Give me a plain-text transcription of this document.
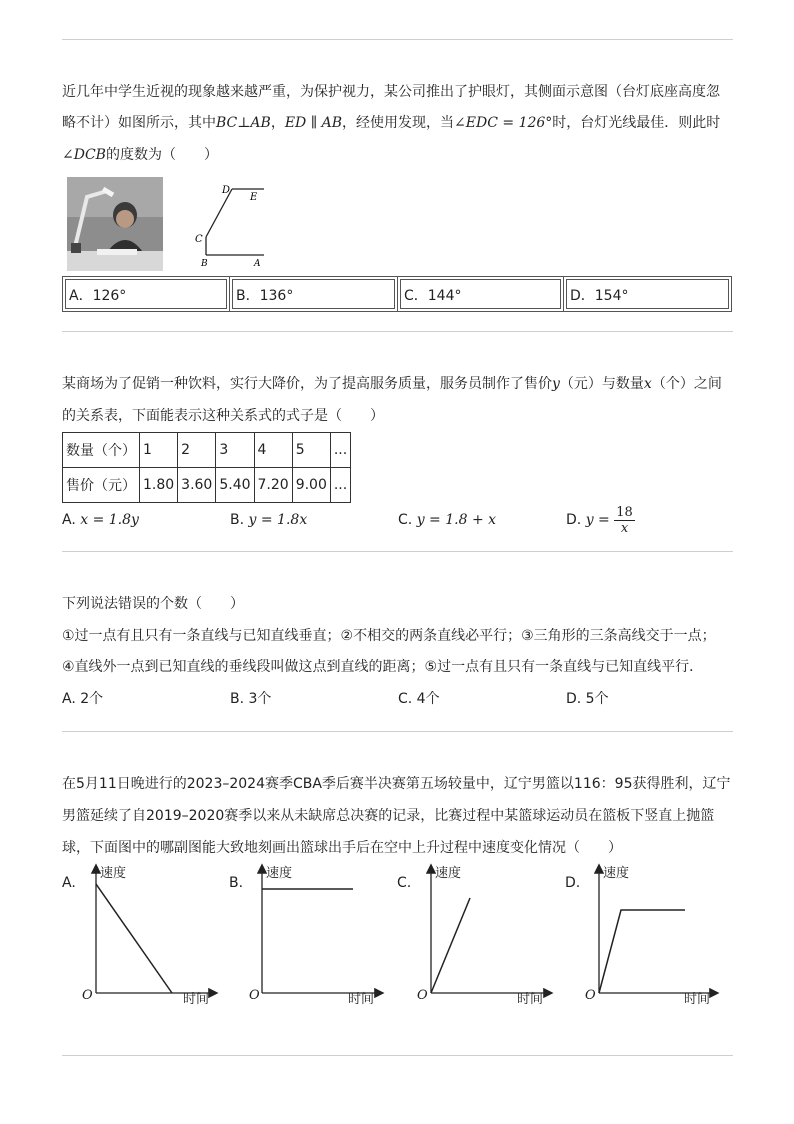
近几年中学生近视的现象越来越严重，为保护视力，某公司推出了护眼灯，其侧面示意图（台灯底座高度忽
略不计）如图所示，其中BC⊥AB，ED ∥ AB，经使用发现，当∠EDC = 126°时，台灯光线最佳．则此时
∠DCB的度数为（　　）
D
E
C
B	A
A．126°	B．136°	C．144°	D．154°
某商场为了促销一种饮料，实行大降价，为了提高服务质量，服务员制作了售价y（元）与数量x（个）之间
的关系表，下面能表示这种关系式的式子是（　　）
数量（个）	1	2	3	4	5	...
售价（元）	1.80	3.60	5.40	7.20	9.00	...
A. x = 1.8y	B. y = 1.8x	C. y = 1.8 + x	D. $y = \frac{18}{x}$
下列说法错误的个数（　　）
①过一点有且只有一条直线与已知直线垂直；②不相交的两条直线必平行；③三角形的三条高线交于一点；
④直线外一点到已知直线的垂线段叫做这点到直线的距离；⑤过一点有且只有一条直线与已知直线平行．
A. 2个	B. 3个	C. 4个	D. 5个
在5月11日晚进行的2023–2024赛季CBA季后赛半决赛第五场较量中，辽宁男篮以116：95获得胜利，辽宁
男篮延续了自2019–2020赛季以来从未缺席总决赛的记录，比赛过程中某篮球运动员在篮板下竖直上抛篮
球，下面图中的哪副图能大致地刻画出篮球出手后在空中上升过程中速度变化情况（　　）
A.
速度
时间
O
B.
速度
时间
O
C.
速度
时间
O
D.
速度
时间
O
